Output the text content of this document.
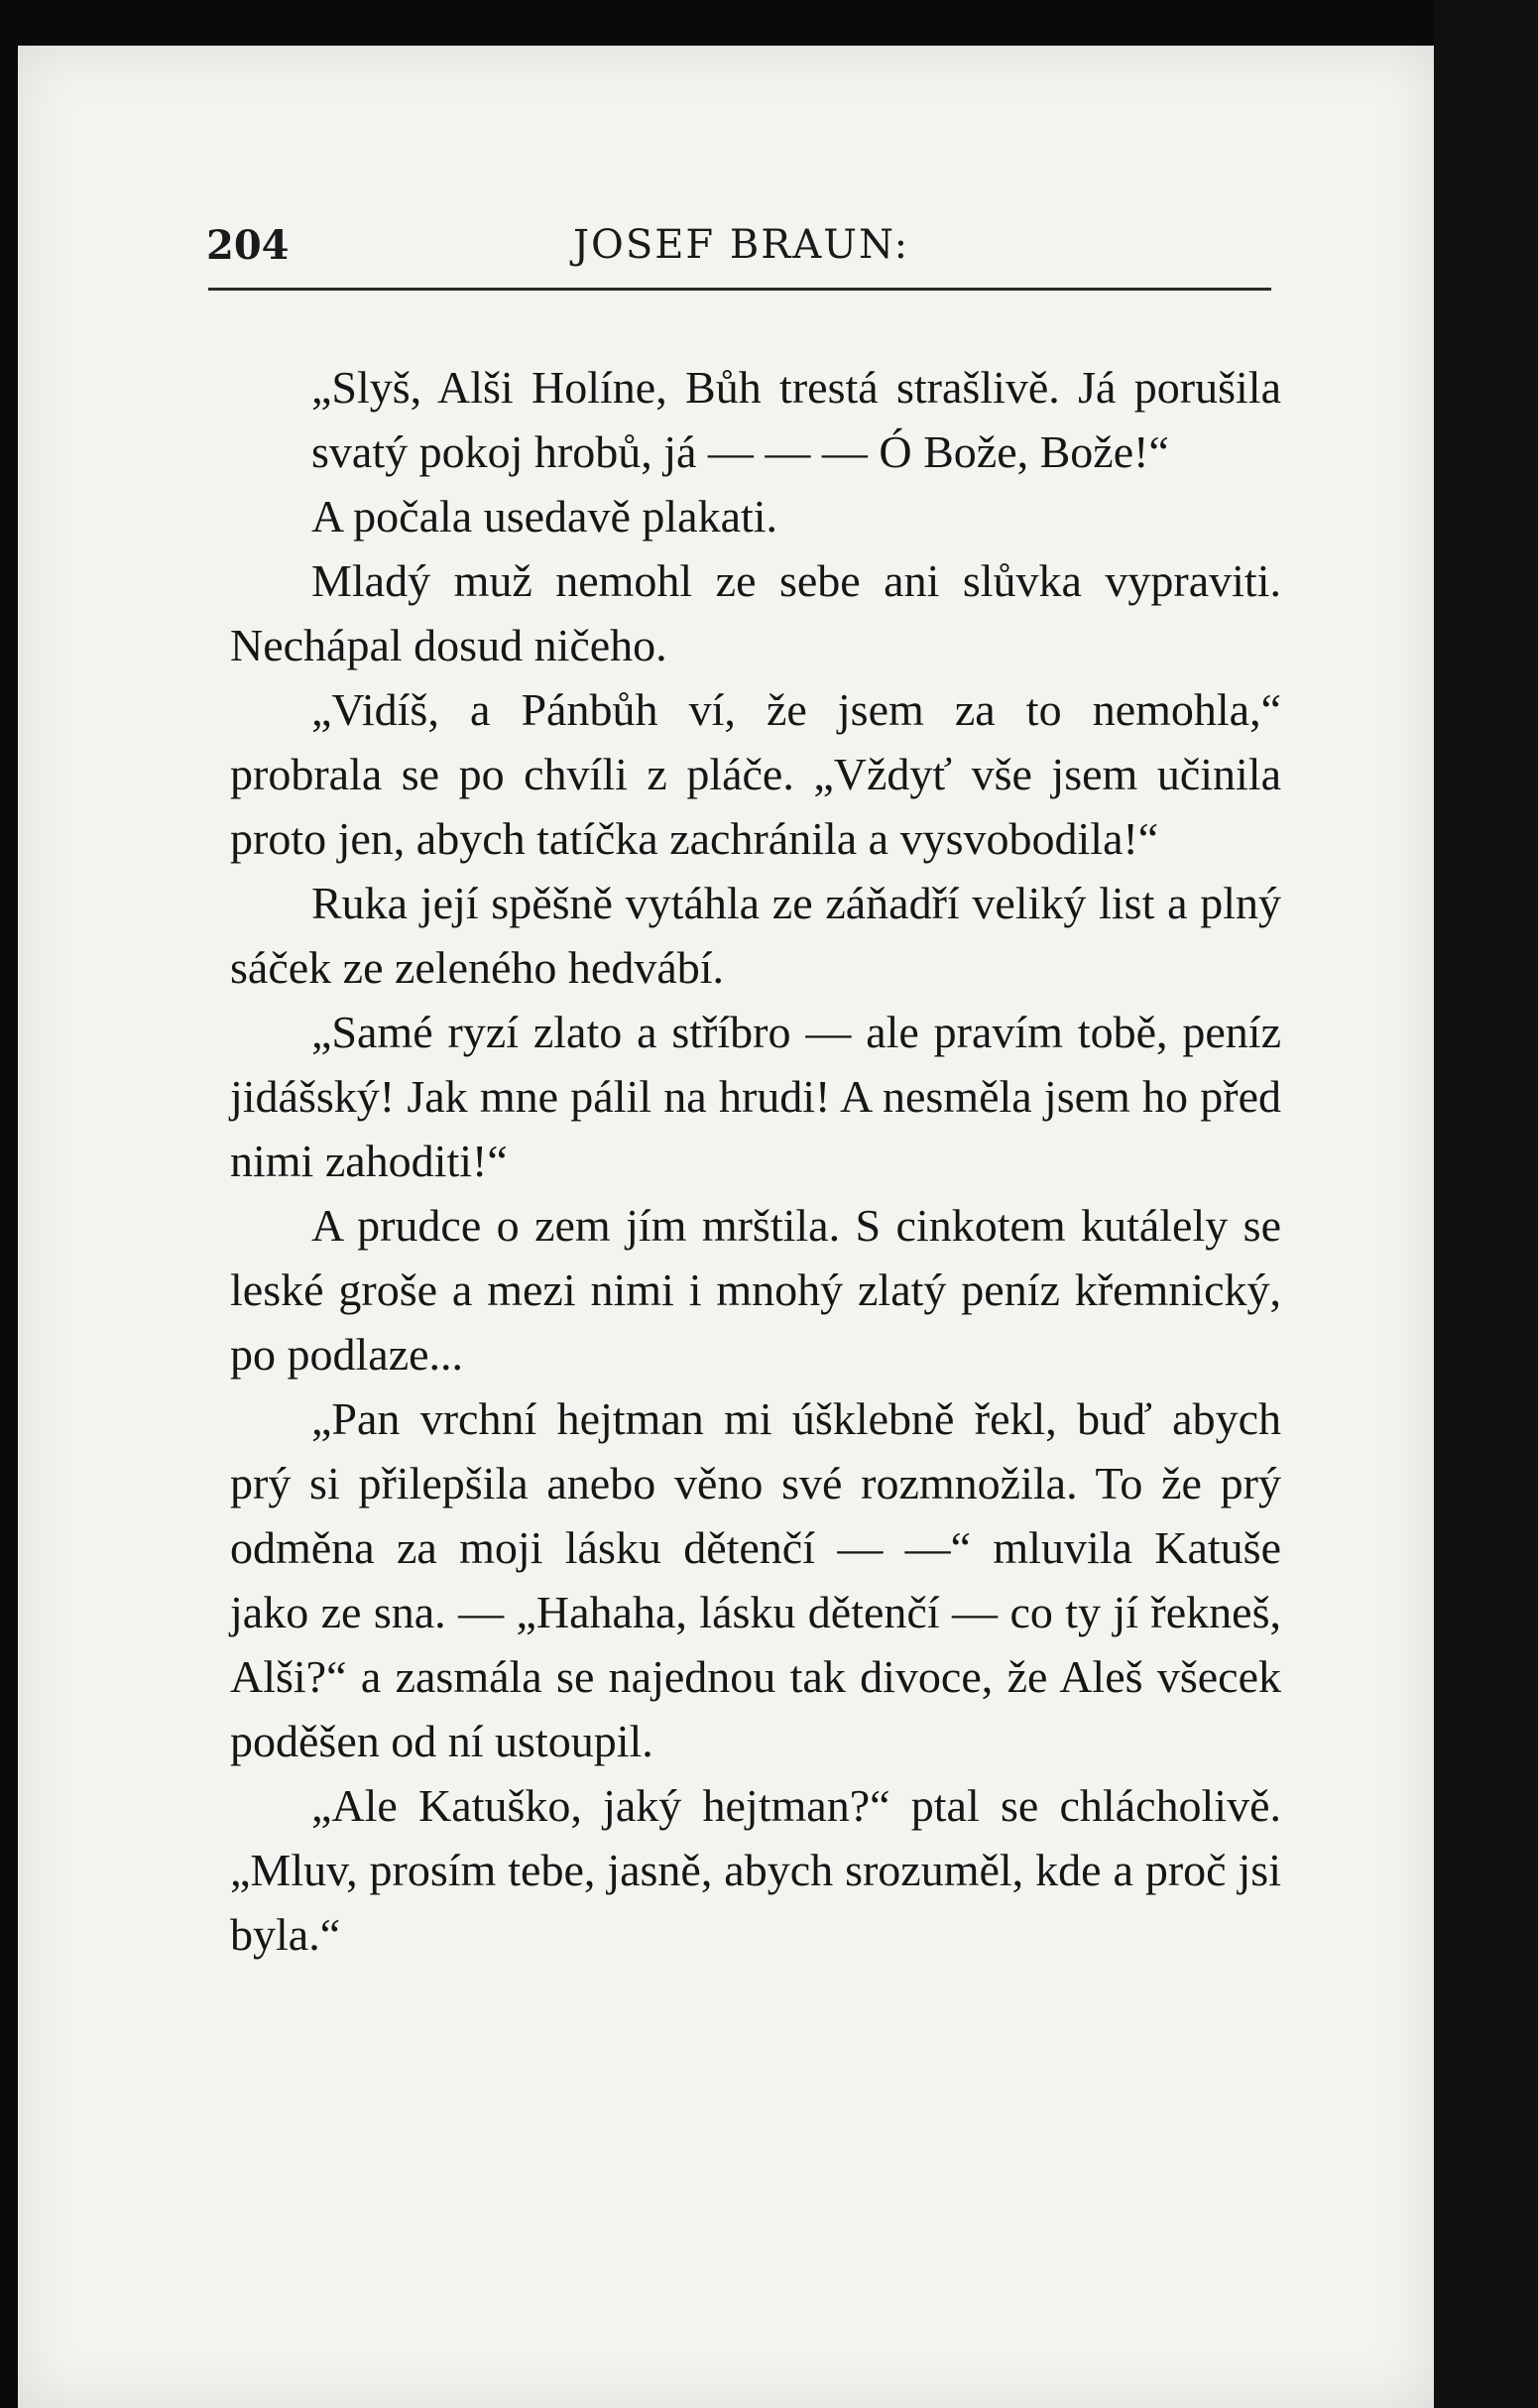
204	JOSEF BRAUN:

„Slyš, Alši Holíne, Bůh trestá strašlivě. Já porušila svatý pokoj hrobů, já — — — Ó Bože, Bože!“

A počala usedavě plakati.

Mladý muž nemohl ze sebe ani slůvka vypraviti. Nechápal dosud ničeho.

„Vidíš, a Pánbůh ví, že jsem za to nemohla,“ probrala se po chvíli z pláče. „Vždyť vše jsem učinila proto jen, abych tatíčka zachránila a vysvobodila!“

Ruka její spěšně vytáhla ze záňadří veliký list a plný sáček ze zeleného hedvábí.

„Samé ryzí zlato a stříbro — ale pravím tobě, peníz jidášský! Jak mne pálil na hrudi! A nesměla jsem ho před nimi zahoditi!“

A prudce o zem jím mrštila. S cinkotem kutálely se leské groše a mezi nimi i mnohý zlatý peníz křemnický, po podlaze...

„Pan vrchní hejtman mi úšklebně řekl, buď abych prý si přilepšila anebo věno své rozmnožila. To že prý odměna za moji lásku dětenčí — —“ mluvila Katuše jako ze sna. — „Hahaha, lásku dětenčí — co ty jí řekneš, Alši?“ a zasmála se najednou tak divoce, že Aleš všecek poděšen od ní ustoupil.

„Ale Katuško, jaký hejtman?“ ptal se chlácholivě. „Mluv, prosím tebe, jasně, abych srozuměl, kde a proč jsi byla.“
